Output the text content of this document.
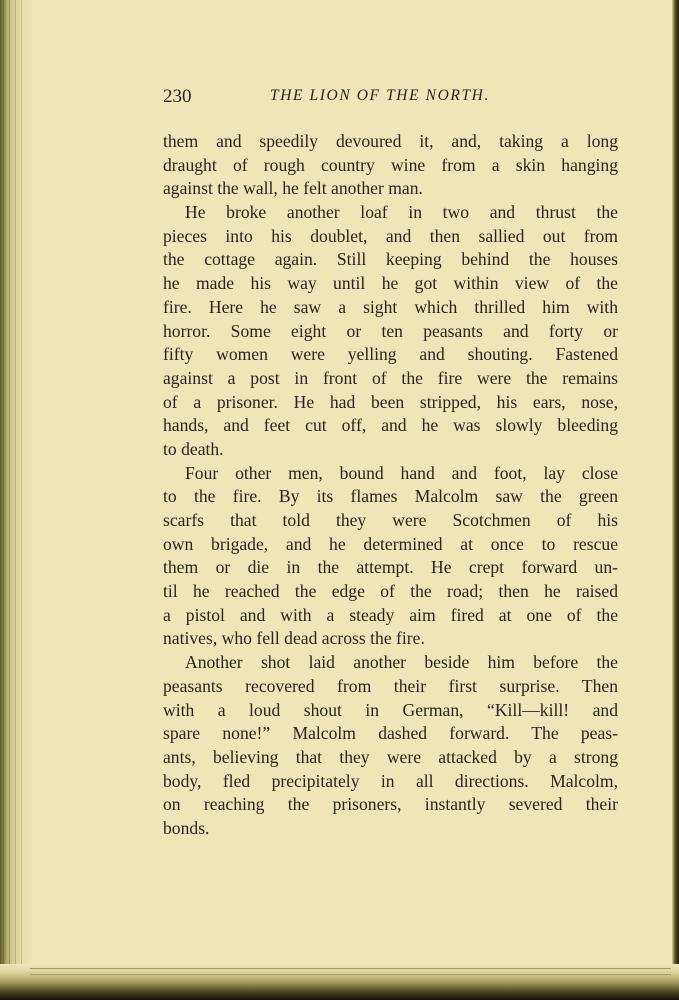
230	THE LION OF THE NORTH.
them and speedily devoured it, and, taking a long
draught of rough country wine from a skin hanging
against the wall, he felt another man.
He broke another loaf in two and thrust the
pieces into his doublet, and then sallied out from
the cottage again. Still keeping behind the houses
he made his way until he got within view of the
fire. Here he saw a sight which thrilled him with
horror. Some eight or ten peasants and forty or
fifty women were yelling and shouting. Fastened
against a post in front of the fire were the remains
of a prisoner. He had been stripped, his ears, nose,
hands, and feet cut off, and he was slowly bleeding
to death.
Four other men, bound hand and foot, lay close
to the fire. By its flames Malcolm saw the green
scarfs that told they were Scotchmen of his
own brigade, and he determined at once to rescue
them or die in the attempt. He crept forward un-
til he reached the edge of the road; then he raised
a pistol and with a steady aim fired at one of the
natives, who fell dead across the fire.
Another shot laid another beside him before the
peasants recovered from their first surprise. Then
with a loud shout in German, “Kill—kill! and
spare none!” Malcolm dashed forward. The peas-
ants, believing that they were attacked by a strong
body, fled precipitately in all directions. Malcolm,
on reaching the prisoners, instantly severed their
bonds.
